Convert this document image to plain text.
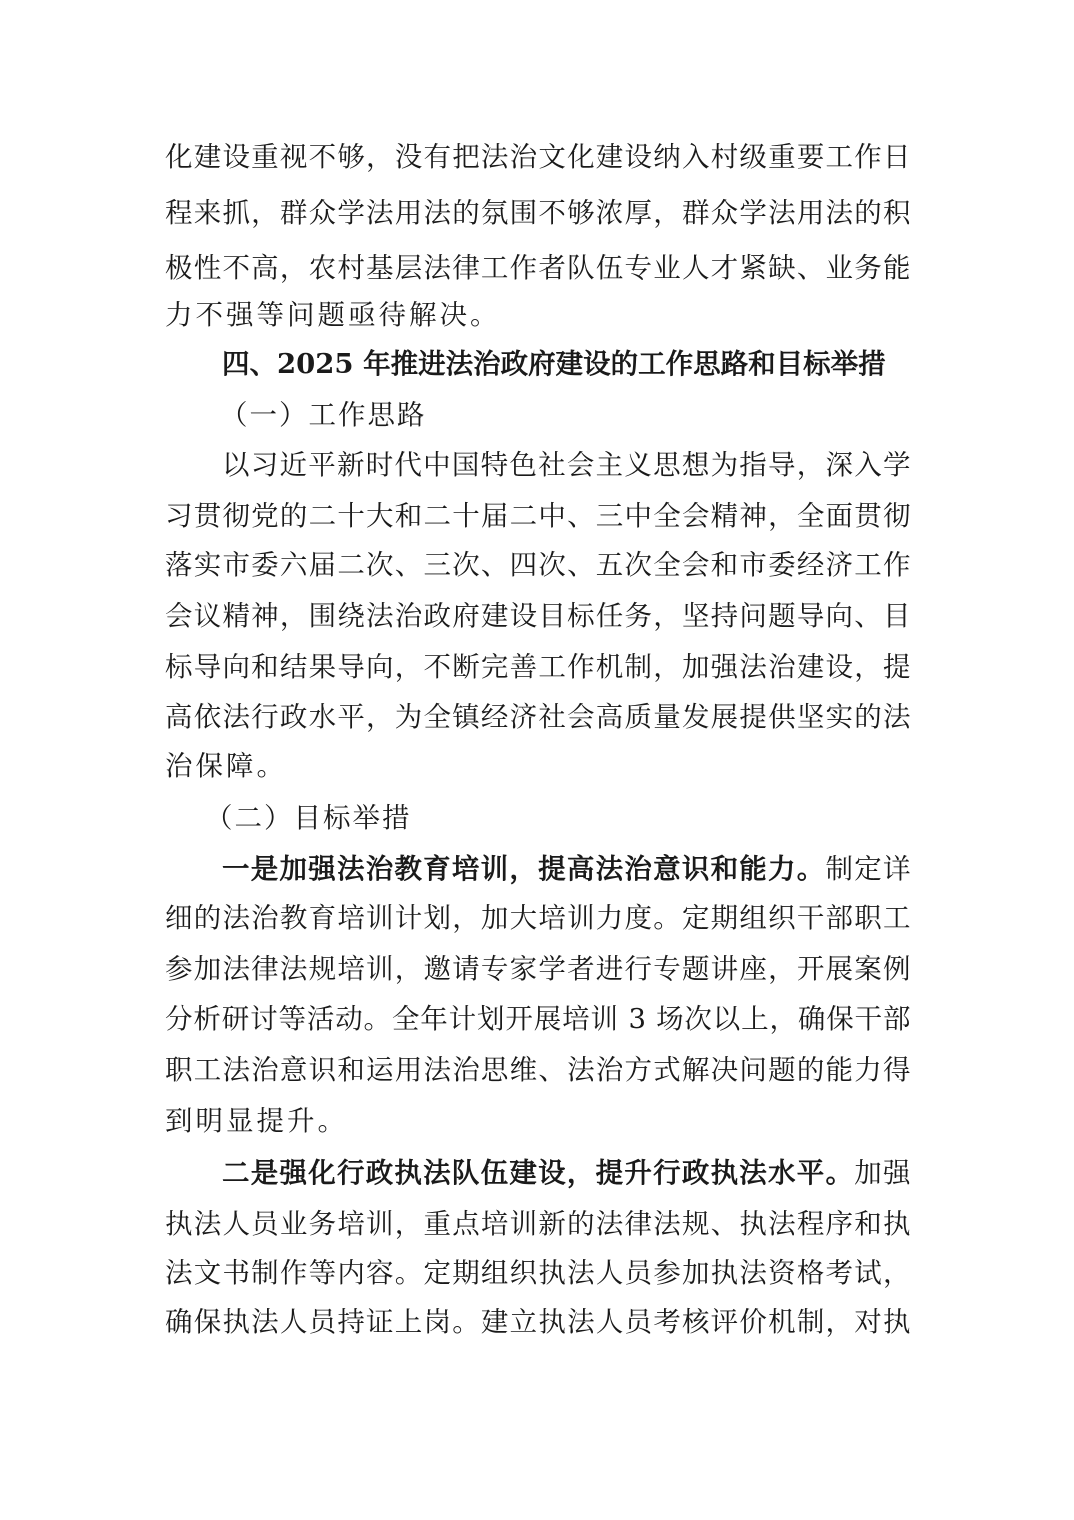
化建设重视不够，没有把法治文化建设纳入村级重要工作日
程来抓，群众学法用法的氛围不够浓厚，群众学法用法的积
极性不高，农村基层法律工作者队伍专业人才紧缺、业务能
力不强等问题亟待解决。
四、2025 年推进法治政府建设的工作思路和目标举措
（一）工作思路
以习近平新时代中国特色社会主义思想为指导，深入学
习贯彻党的二十大和二十届二中、三中全会精神，全面贯彻
落实市委六届二次、三次、四次、五次全会和市委经济工作
会议精神，围绕法治政府建设目标任务，坚持问题导向、目
标导向和结果导向，不断完善工作机制，加强法治建设，提
高依法行政水平，为全镇经济社会高质量发展提供坚实的法
治保障。
（二）目标举措
一是加强法治教育培训，提高法治意识和能力。制定详
细的法治教育培训计划，加大培训力度。定期组织干部职工
参加法律法规培训，邀请专家学者进行专题讲座，开展案例
分析研讨等活动。全年计划开展培训 3 场次以上，确保干部
职工法治意识和运用法治思维、法治方式解决问题的能力得
到明显提升。
二是强化行政执法队伍建设，提升行政执法水平。加强
执法人员业务培训，重点培训新的法律法规、执法程序和执
法文书制作等内容。定期组织执法人员参加执法资格考试，
确保执法人员持证上岗。建立执法人员考核评价机制，对执
